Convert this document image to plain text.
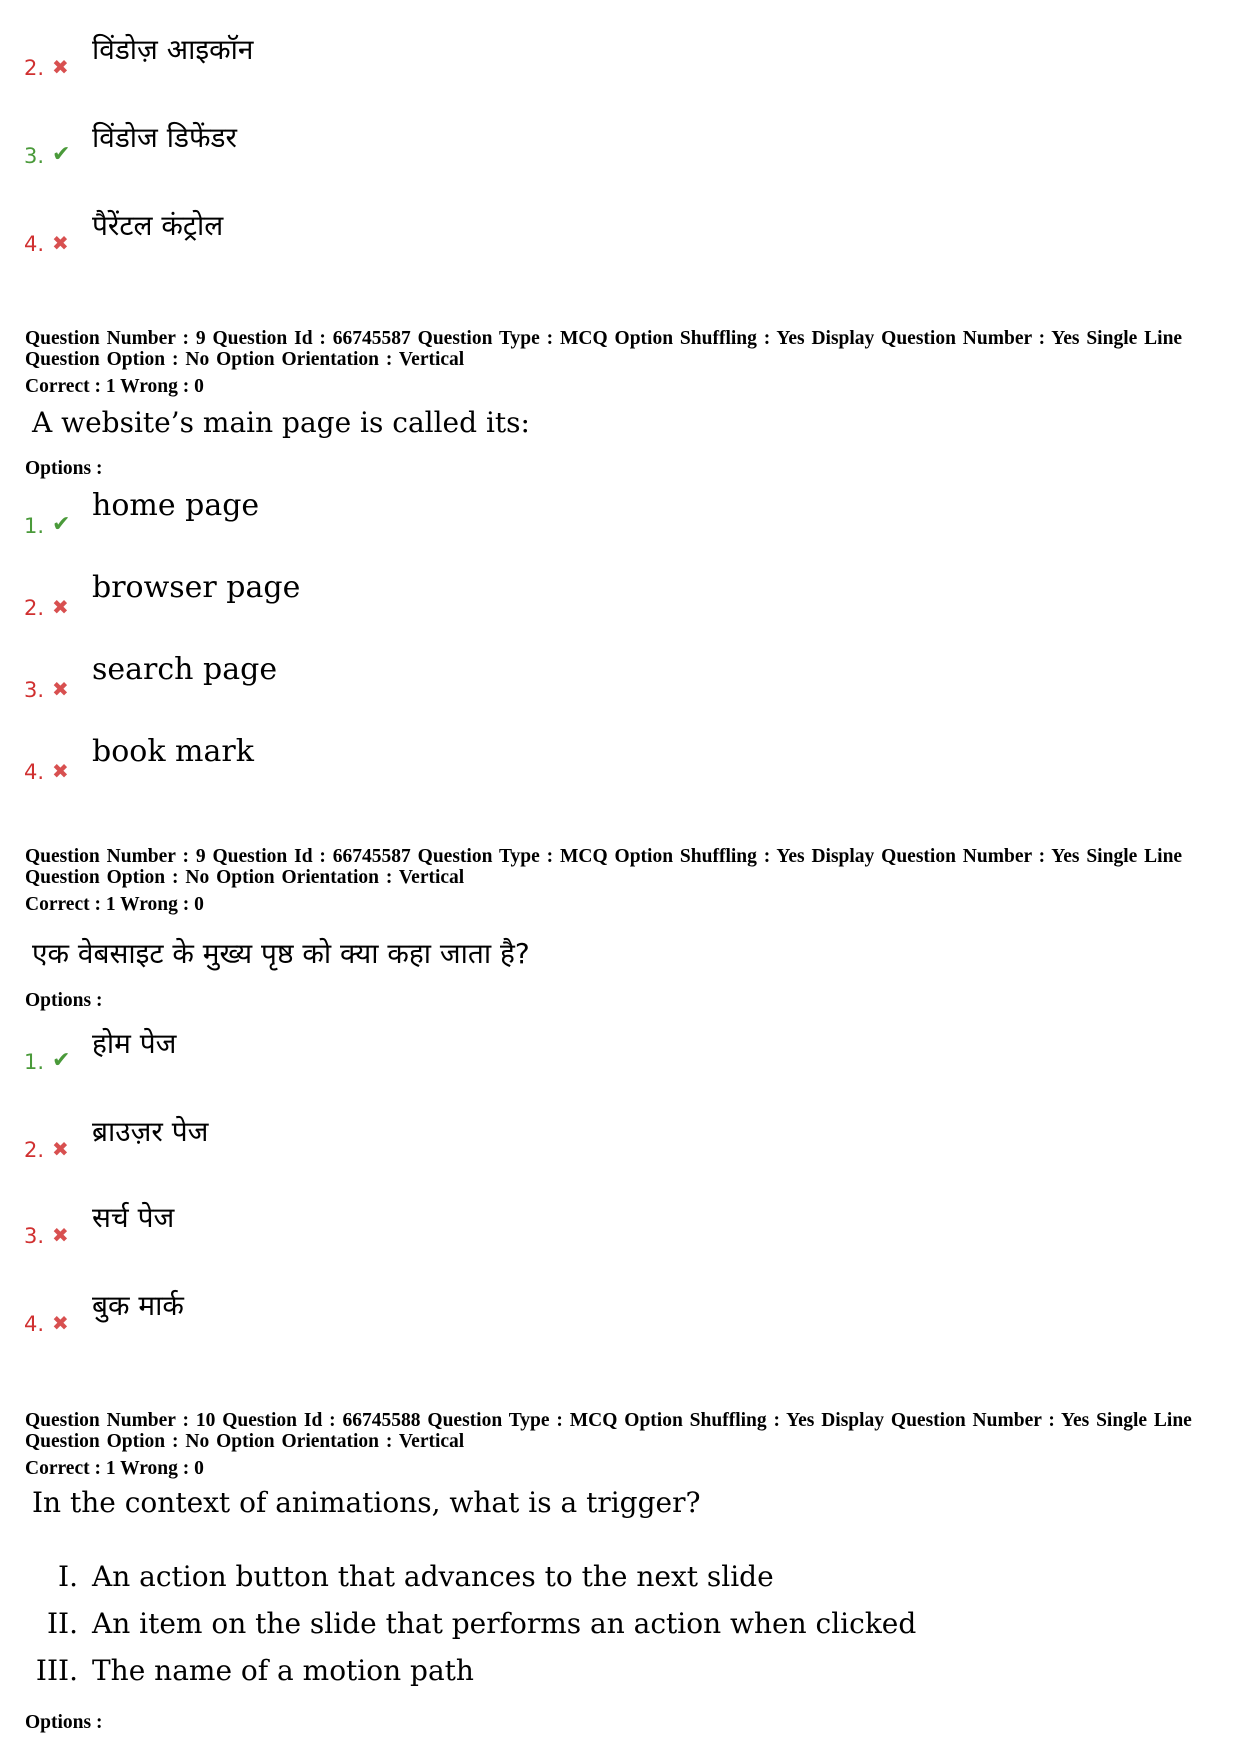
2. ✖
विंडोज़ आइकॉन
3. ✔
विंडोज डिफेंडर
4. ✖
पैरेंटल कंट्रोल
Question Number : 9 Question Id : 66745587 Question Type : MCQ Option Shuffling : Yes Display Question Number : Yes Single Line Question Option : No Option Orientation : Vertical
Correct : 1 Wrong : 0
A website’s main page is called its:
Options :
1. ✔
home page
2. ✖
browser page
3. ✖
search page
4. ✖
book mark
Question Number : 9 Question Id : 66745587 Question Type : MCQ Option Shuffling : Yes Display Question Number : Yes Single Line Question Option : No Option Orientation : Vertical
Correct : 1 Wrong : 0
एक वेबसाइट के मुख्य पृष्ठ को क्या कहा जाता है?
Options :
1. ✔
होम पेज
2. ✖
ब्राउज़र पेज
3. ✖
सर्च पेज
4. ✖
बुक मार्क
Question Number : 10 Question Id : 66745588 Question Type : MCQ Option Shuffling : Yes Display Question Number : Yes Single Line Question Option : No Option Orientation : Vertical
Correct : 1 Wrong : 0
In the context of animations, what is a trigger?
I. An action button that advances to the next slide
II. An item on the slide that performs an action when clicked
III. The name of a motion path
Options :
